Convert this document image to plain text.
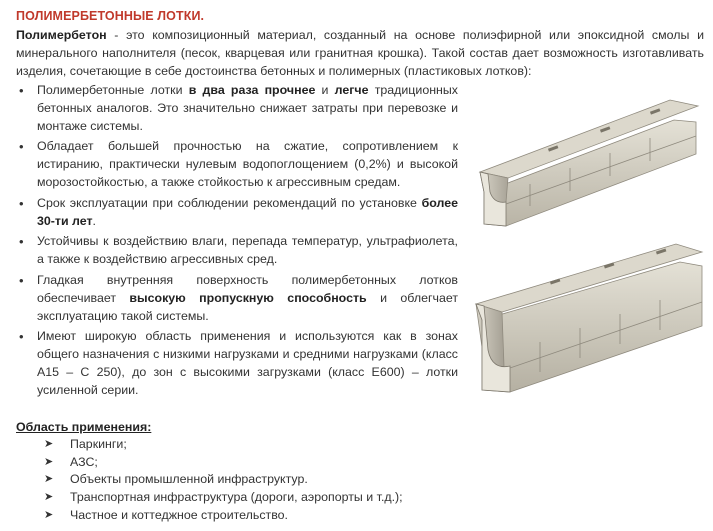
ПОЛИМЕРБЕТОННЫЕ ЛОТКИ.
Полимербетон - это композиционный материал, созданный на основе полиэфирной или эпоксидной смолы и минерального наполнителя (песок, кварцевая или гранитная крошка). Такой состав дает возможность изготавливать изделия, сочетающие в себе достоинства бетонных и полимерных (пластиковых лотков):
• Полимербетонные лотки в два раза прочнее и легче традиционных бетонных аналогов. Это значительно снижает затраты при перевозке и монтаже системы.
• Обладает большей прочностью на сжатие, сопротивлением к истиранию, практически нулевым водопоглощением (0,2%) и высокой морозостойкостью, а также стойкостью к агрессивным средам.
• Срок эксплуатации при соблюдении рекомендаций по установке более 30-ти лет.
• Устойчивы к воздействию влаги, перепада температур, ультрафиолета, а также к воздействию агрессивных сред.
• Гладкая внутренняя поверхность полимербетонных лотков обеспечивает высокую пропускную способность и облегчает эксплуатацию такой системы.
• Имеют широкую область применения и используются как в зонах общего назначения с низкими нагрузками и средними нагрузками (класс А15 – С 250), до зон с высокими загрузками (класс Е600) – лотки усиленной серии.
Область применения:
➤ Паркинги;
➤ АЗС;
➤ Объекты промышленной инфраструктур.
➤ Транспортная инфраструктура (дороги, аэропорты и т.д.);
➤ Частное и коттеджное строительство.
